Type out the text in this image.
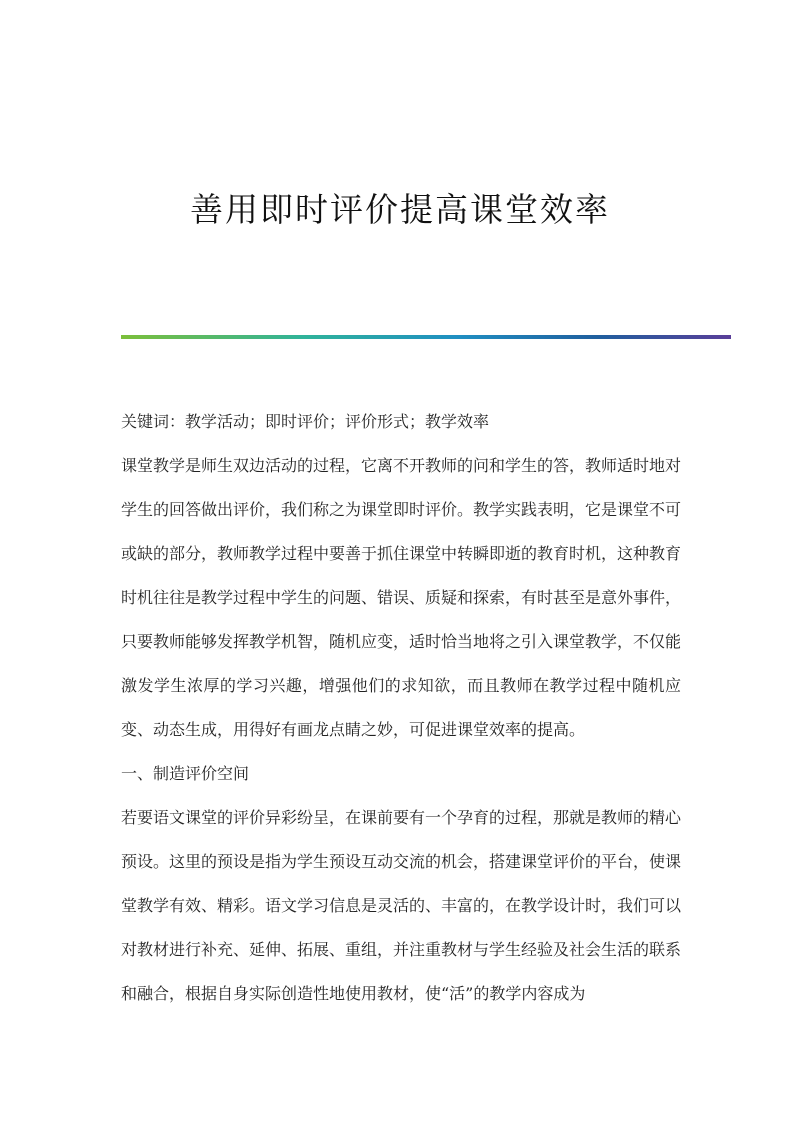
善用即时评价提高课堂效率

关键词：教学活动；即时评价；评价形式；教学效率

课堂教学是师生双边活动的过程，它离不开教师的问和学生的答，教师适时地对学生的回答做出评价，我们称之为课堂即时评价。教学实践表明，它是课堂不可或缺的部分，教师教学过程中要善于抓住课堂中转瞬即逝的教育时机，这种教育时机往往是教学过程中学生的问题、错误、质疑和探索，有时甚至是意外事件，只要教师能够发挥教学机智，随机应变，适时恰当地将之引入课堂教学，不仅能激发学生浓厚的学习兴趣，增强他们的求知欲，而且教师在教学过程中随机应变、动态生成，用得好有画龙点睛之妙，可促进课堂效率的提高。

一、制造评价空间

若要语文课堂的评价异彩纷呈，在课前要有一个孕育的过程，那就是教师的精心预设。这里的预设是指为学生预设互动交流的机会，搭建课堂评价的平台，使课堂教学有效、精彩。语文学习信息是灵活的、丰富的，在教学设计时，我们可以对教材进行补充、延伸、拓展、重组，并注重教材与学生经验及社会生活的联系和融合，根据自身实际创造性地使用教材，使“活”的教学内容成为
